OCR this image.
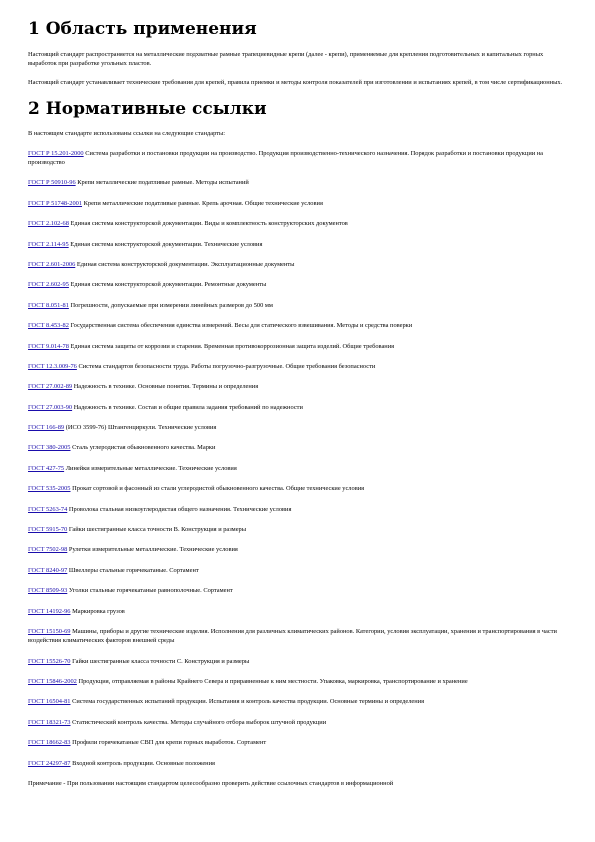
1 Область применения

Настоящий стандарт распространяется на металлические подхватные рамные трапециевидные крепи (далее - крепи), применяемые для крепления подготовительных и капитальных горных выработок при разработке угольных пластов.

Настоящий стандарт устанавливает технические требования для крепей, правила приемки и методы контроля показателей при изготовлении и испытаниях крепей, в том числе сертификационных.

2 Нормативные ссылки

В настоящем стандарте использованы ссылки на следующие стандарты:

ГОСТ Р 15.201-2000 Система разработки и постановки продукции на производство. Продукция производственно-технического назначения. Порядок разработки и постановки продукции на производство

ГОСТ Р 50910-96 Крепи металлические податливые рамные. Методы испытаний

ГОСТ Р 51748-2001 Крепи металлические податливые рамные. Крепь арочная. Общие технические условия

ГОСТ 2.102-68 Единая система конструкторской документации. Виды и комплектность конструкторских документов

ГОСТ 2.114-95 Единая система конструкторской документации. Технические условия

ГОСТ 2.601-2006 Единая система конструкторской документации. Эксплуатационные документы

ГОСТ 2.602-95 Единая система конструкторской документации. Ремонтные документы

ГОСТ 8.051-81 Погрешности, допускаемые при измерении линейных размеров до 500 мм

ГОСТ 8.453-82 Государственная система обеспечения единства измерений. Весы для статического взвешивания. Методы и средства поверки

ГОСТ 9.014-78 Единая система защиты от коррозии и старения. Временная противокоррозионная защита изделий. Общие требования

ГОСТ 12.3.009-76 Система стандартов безопасности труда. Работы погрузочно-разгрузочные. Общие требования безопасности

ГОСТ 27.002-89 Надежность в технике. Основные понятия. Термины и определения

ГОСТ 27.003-90 Надежность в технике. Состав и общие правила задания требований по надежности

ГОСТ 166-89 (ИСО 3599-76) Штангенциркули. Технические условия

ГОСТ 380-2005 Сталь углеродистая обыкновенного качества. Марки

ГОСТ 427-75 Линейки измерительные металлические. Технические условия

ГОСТ 535-2005 Прокат сортовой и фасонный из стали углеродистой обыкновенного качества. Общие технические условия

ГОСТ 5263-74 Проволока стальная низкоуглеродистая общего назначения. Технические условия

ГОСТ 5915-70 Гайки шестигранные класса точности В. Конструкция и размеры

ГОСТ 7502-98 Рулетки измерительные металлические. Технические условия

ГОСТ 8240-97 Швеллеры стальные горячекатаные. Сортамент

ГОСТ 8509-93 Уголки стальные горячекатаные равнополочные. Сортамент

ГОСТ 14192-96 Маркировка грузов

ГОСТ 15150-69 Машины, приборы и другие технические изделия. Исполнения для различных климатических районов. Категории, условия эксплуатации, хранения и транспортирования в части воздействия климатических факторов внешней среды

ГОСТ 15526-70 Гайки шестигранные класса точности С. Конструкция и размеры

ГОСТ 15846-2002 Продукция, отправляемая в районы Крайнего Севера и приравненные к ним местности. Упаковка, маркировка, транспортирование и хранение

ГОСТ 16504-81 Система государственных испытаний продукции. Испытания и контроль качества продукции. Основные термины и определения

ГОСТ 18321-73 Статистический контроль качества. Методы случайного отбора выборок штучной продукции

ГОСТ 18662-83 Профили горячекатаные СВП для крепи горных выработок. Сортамент

ГОСТ 24297-87 Входной контроль продукции. Основные положения

Примечание - При пользовании настоящим стандартом целесообразно проверить действие ссылочных стандартов в информационной
